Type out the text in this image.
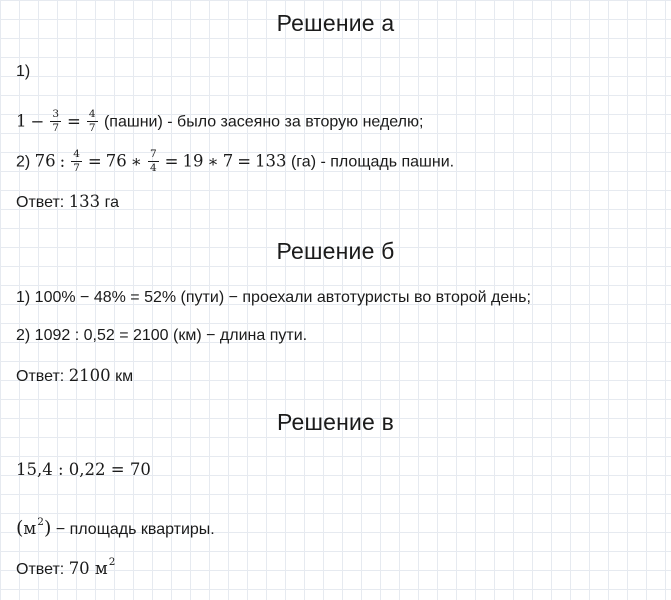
Решение а
1)
$1 - \frac{3}{7} = \frac{4}{7}$ (пашни) - было засеяно за вторую неделю;
2) 76 : $\frac{4}{7} = 76$ ∗ $\frac{7}{4} = 19$ ∗ 7 = 133 (га) - площадь пашни.
Ответ: 133 га
Решение б
1) 100% − 48% = 52% (пути) − проехали автотуристы во второй день;
2) 1092 : 0,52 = 2100 (км) − длина пути.
Ответ: 2100 км
Решение в
15,4 : 0,22 = 70
$(м^2)$ − площадь квартиры.
Ответ: 70 $м^2$
